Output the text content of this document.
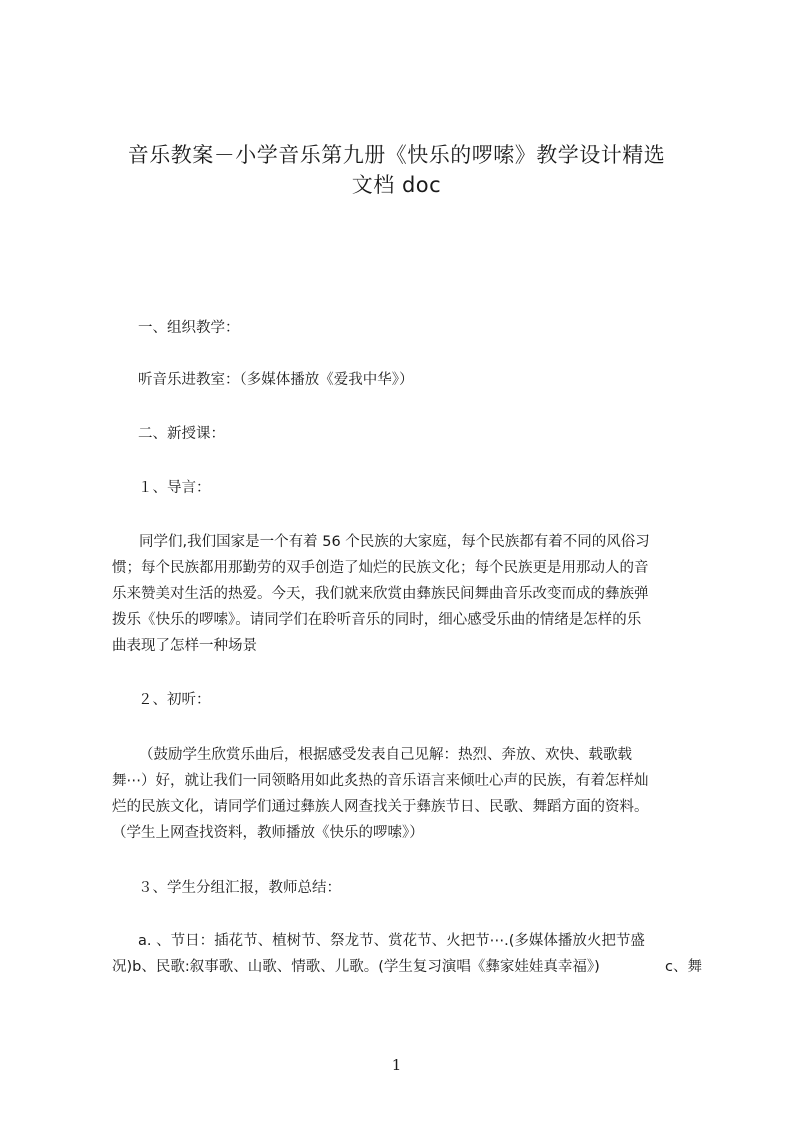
音乐教案－小学音乐第九册《快乐的啰嗦》教学设计精选
文档 doc
一、组织教学：
听音乐进教室：（多媒体播放《爱我中华》）
二、新授课：
１、导言：
同学们,我们国家是一个有着 56 个民族的大家庭，每个民族都有着不同的风俗习
惯；每个民族都用那勤劳的双手创造了灿烂的民族文化；每个民族更是用那动人的音
乐来赞美对生活的热爱。今天，我们就来欣赏由彝族民间舞曲音乐改变而成的彝族弹
拨乐《快乐的啰嗦》。请同学们在聆听音乐的同时，细心感受乐曲的情绪是怎样的乐
曲表现了怎样一种场景
２、初听：
（鼓励学生欣赏乐曲后，根据感受发表自己见解：热烈、奔放、欢快、载歌载
舞⋯）好，就让我们一同领略用如此炙热的音乐语言来倾吐心声的民族，有着怎样灿
烂的民族文化，请同学们通过彝族人网查找关于彝族节日、民歌、舞蹈方面的资料。
（学生上网查找资料，教师播放《快乐的啰嗦》）
３、学生分组汇报，教师总结：
a. 、节日：插花节、植树节、祭龙节、赏花节、火把节⋯.(多媒体播放火把节盛
况)b、民歌:叙事歌、山歌、情歌、儿歌。(学生复习演唱《彝家娃娃真幸福》)	c、舞
1
